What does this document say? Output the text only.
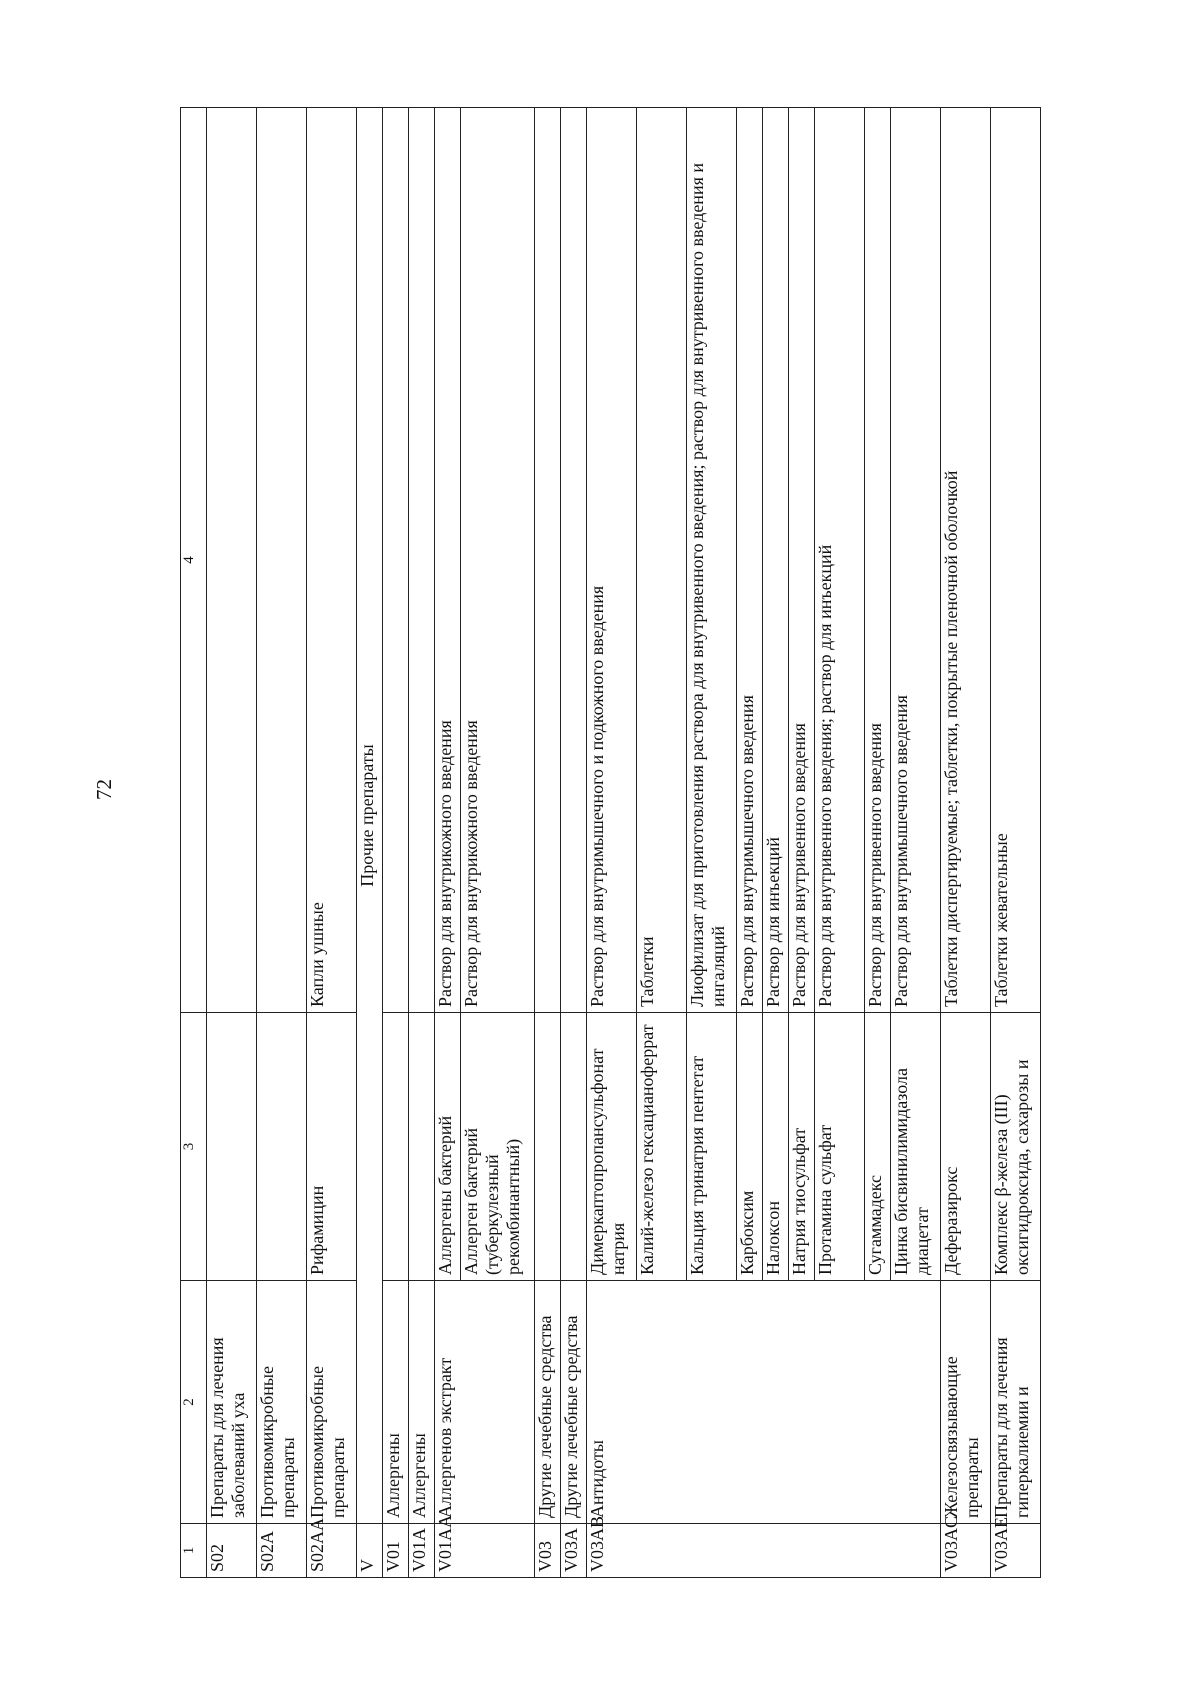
72
1	2	3	4
S02	Препараты для лечения заболеваний уха		
S02A	Противомикробные препараты		
S02AA	Противомикробные препараты	Рифамицин	Капли ушные
V	Прочие препараты		
V01	Аллергены		
V01A	Аллергены		
V01AA	Аллергенов экстракт	Аллергены бактерий	Раствор для внутрикожного введения
		Аллерген бактерий (туберкулезный рекомбинантный)	Раствор для внутрикожного введения
V03	Другие лечебные средства		
V03A	Другие лечебные средства		
V03AB	Антидоты	Димеркаптопропансульфонат натрия	Раствор для внутримышечного и подкожного введения
		Калий-железо гексацианоферрат	Таблетки
		Кальция тринатрия пентетат	Лиофилизат для приготовления раствора для внутривенного введения; раствор для внутривенного введения и ингаляций
		Карбоксим	Раствор для внутримышечного введения
		Налоксон	Раствор для инъекций
		Натрия тиосульфат	Раствор для внутривенного введения
		Протамина сульфат	Раствор для внутривенного введения; раствор для инъекций
		Сугаммадекс	Раствор для внутривенного введения
		Цинка бисвинилимидазола диацетат	Раствор для внутримышечного введения
V03AC	Железосвязывающие препараты	Деферазирокс	Таблетки диспергируемые; таблетки, покрытые пленочной оболочкой
V03AE	Препараты для лечения гиперкалиемии и	Комплекс β-железа (III) оксигидроксида, сахарозы и	Таблетки жевательные
